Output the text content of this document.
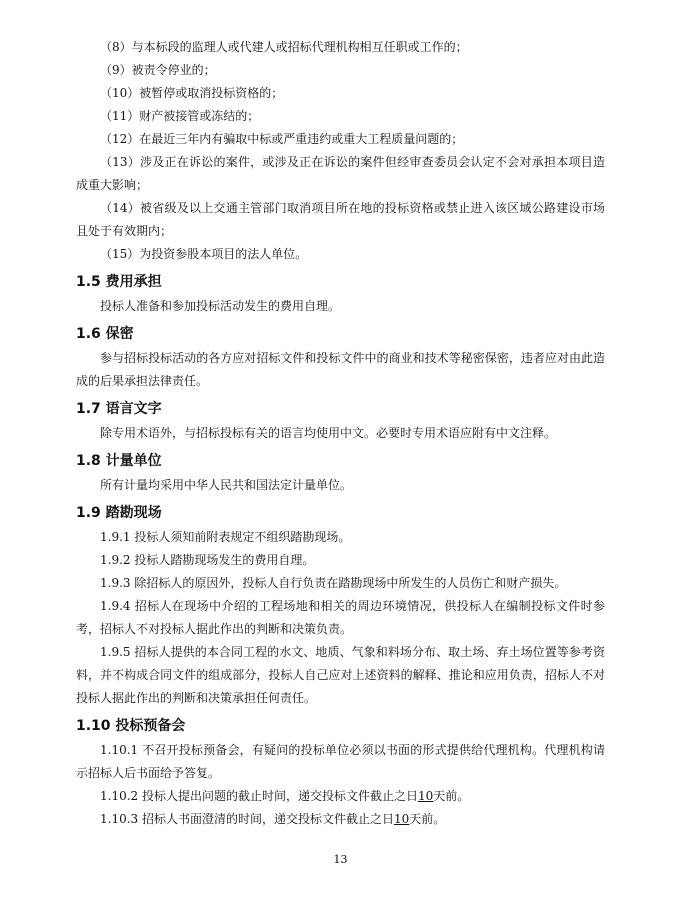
（8）与本标段的监理人或代建人或招标代理机构相互任职或工作的；

（9）被责令停业的；

（10）被暂停或取消投标资格的；

（11）财产被接管或冻结的；

（12）在最近三年内有骗取中标或严重违约或重大工程质量问题的；

（13）涉及正在诉讼的案件，或涉及正在诉讼的案件但经审查委员会认定不会对承担本项目造成重大影响；

（14）被省级及以上交通主管部门取消项目所在地的投标资格或禁止进入该区域公路建设市场且处于有效期内；

（15）为投资参股本项目的法人单位。

1.5 费用承担

投标人准备和参加投标活动发生的费用自理。

1.6 保密

参与招标投标活动的各方应对招标文件和投标文件中的商业和技术等秘密保密，违者应对由此造成的后果承担法律责任。

1.7 语言文字

除专用术语外，与招标投标有关的语言均使用中文。必要时专用术语应附有中文注释。

1.8 计量单位

所有计量均采用中华人民共和国法定计量单位。

1.9 踏勘现场

1.9.1 投标人须知前附表规定不组织踏勘现场。

1.9.2 投标人踏勘现场发生的费用自理。

1.9.3 除招标人的原因外，投标人自行负责在踏勘现场中所发生的人员伤亡和财产损失。

1.9.4 招标人在现场中介绍的工程场地和相关的周边环境情况，供投标人在编制投标文件时参考，招标人不对投标人据此作出的判断和决策负责。

1.9.5 招标人提供的本合同工程的水文、地质、气象和料场分布、取土场、弃土场位置等参考资料，并不构成合同文件的组成部分，投标人自己应对上述资料的解释、推论和应用负责，招标人不对投标人据此作出的判断和决策承担任何责任。

1.10 投标预备会

1.10.1 不召开投标预备会，有疑问的投标单位必须以书面的形式提供给代理机构。代理机构请示招标人后书面给予答复。

1.10.2 投标人提出问题的截止时间，递交投标文件截止之日10天前。

1.10.3 招标人书面澄清的时间，递交投标文件截止之日10天前。

13
